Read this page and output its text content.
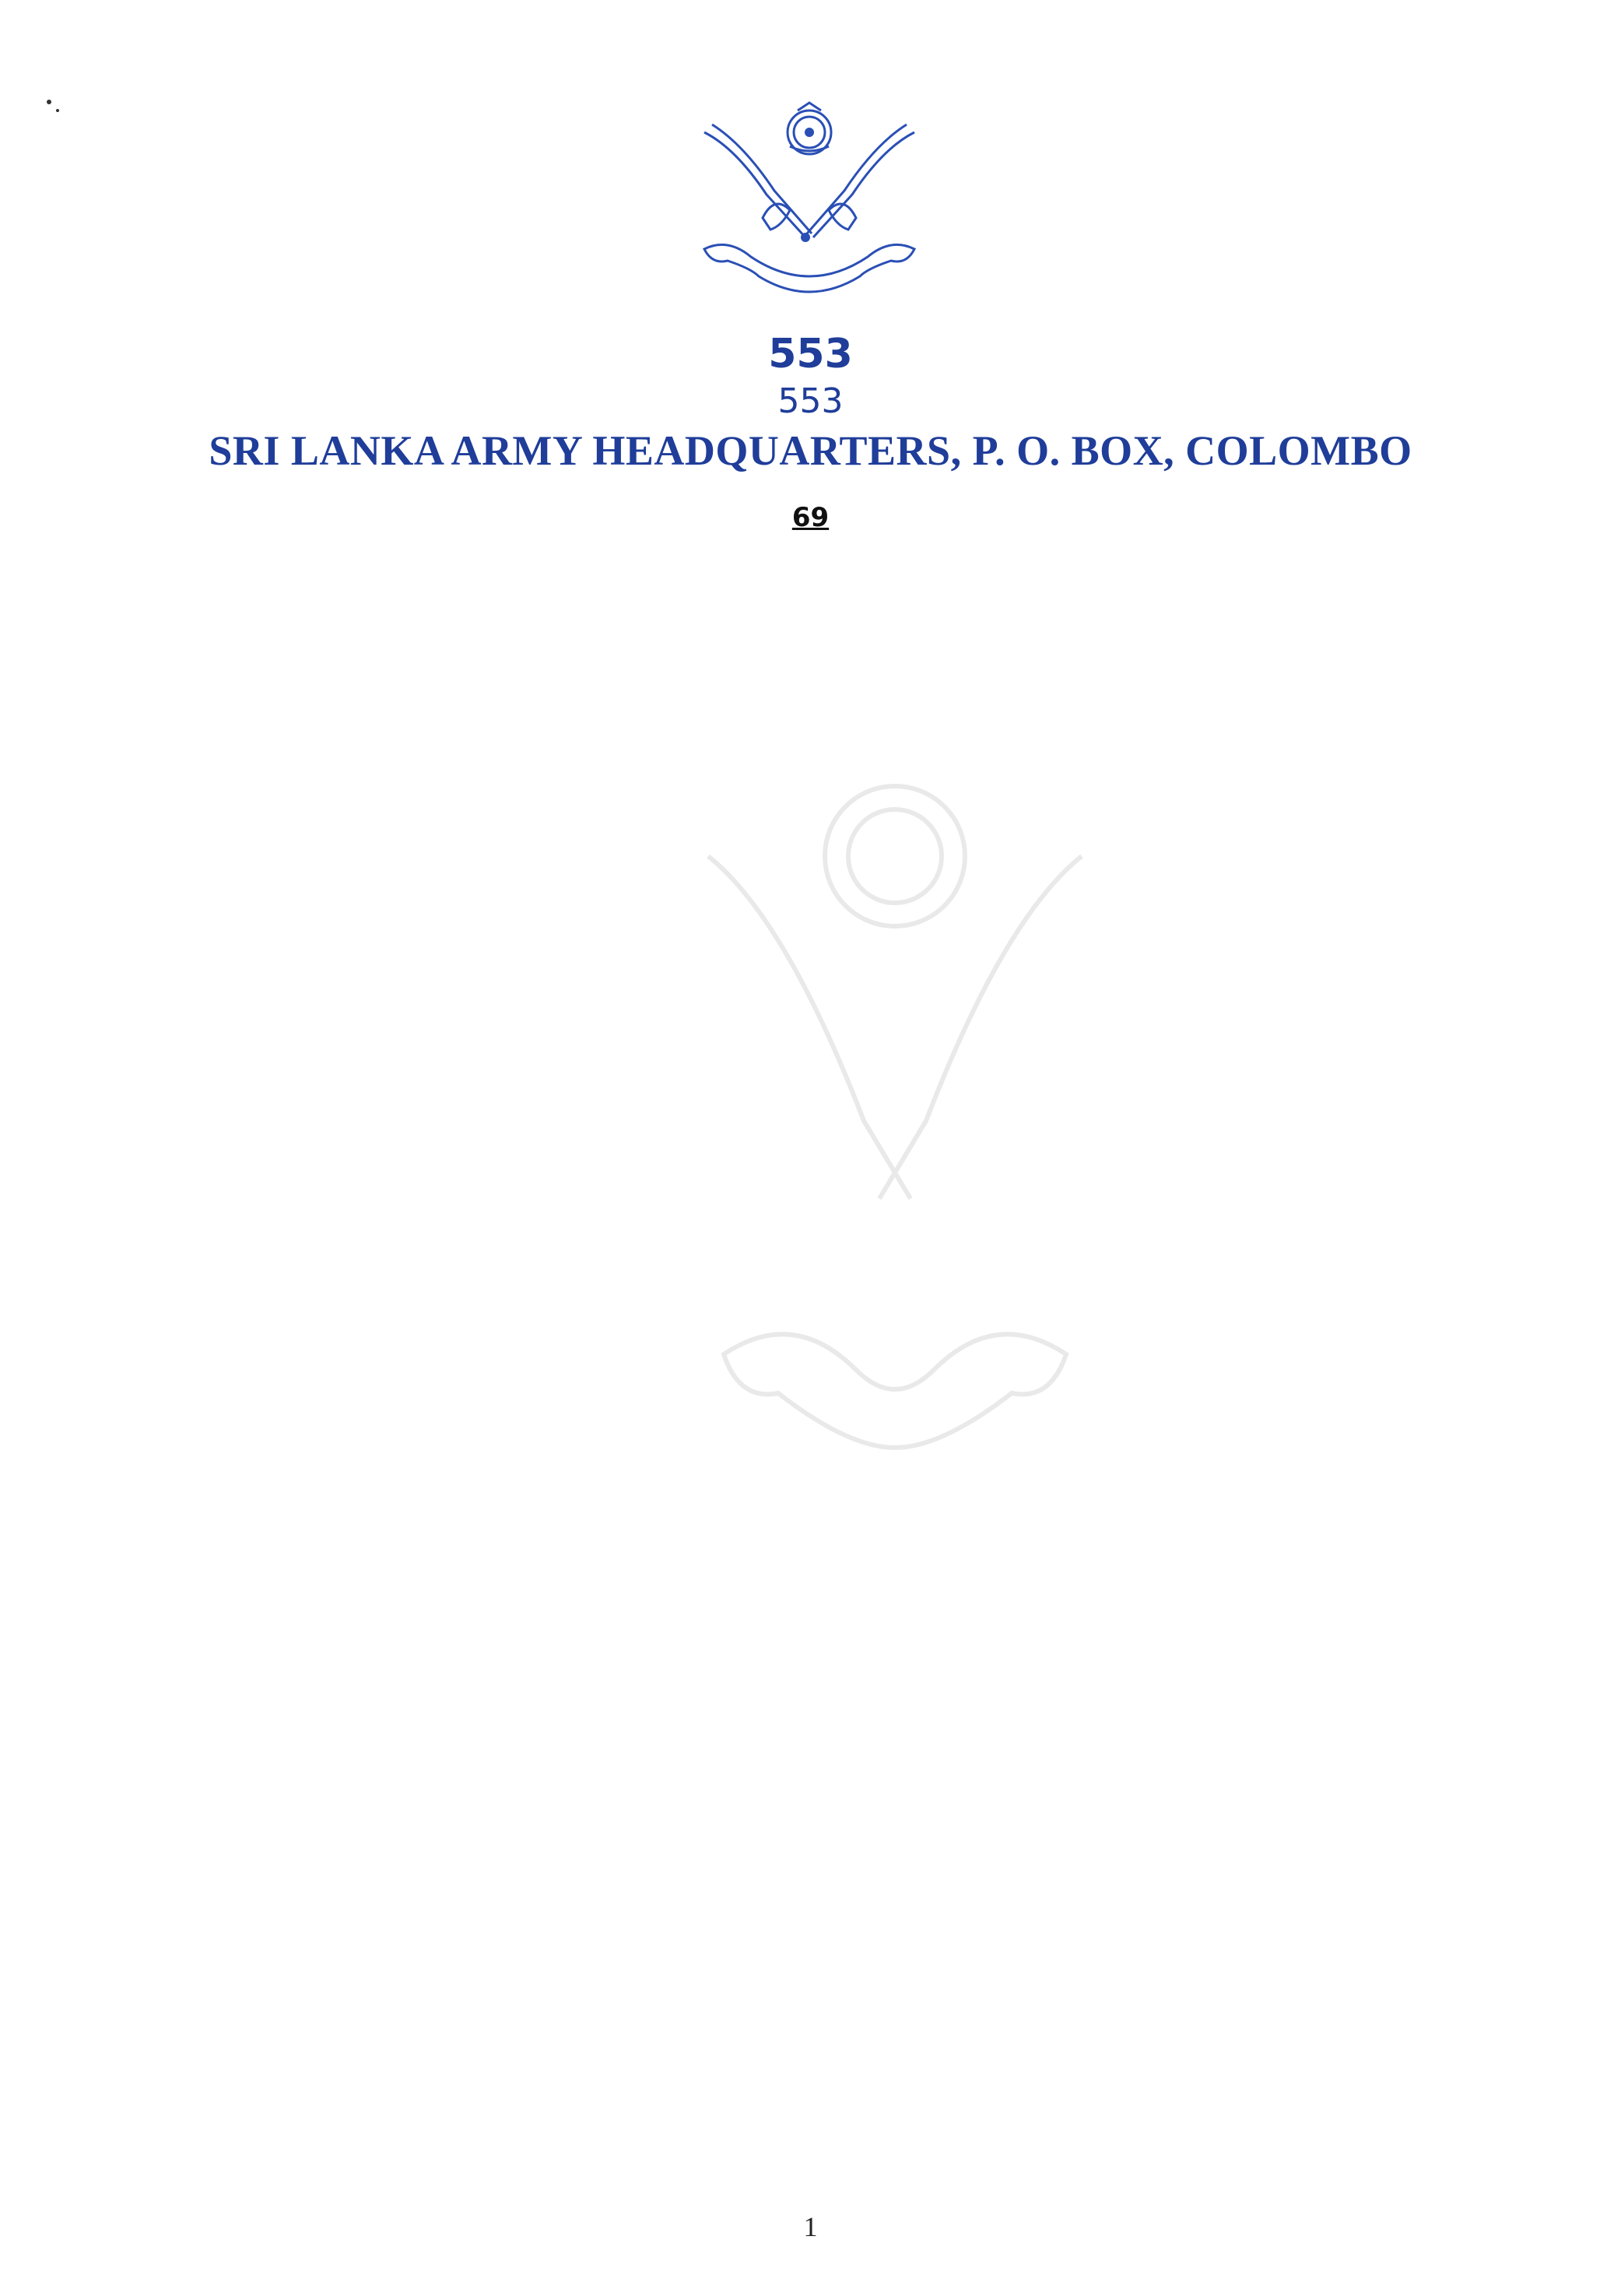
553
553
SRI LANKA ARMY HEADQUARTERS, P. O. BOX, COLOMBO
69

1
